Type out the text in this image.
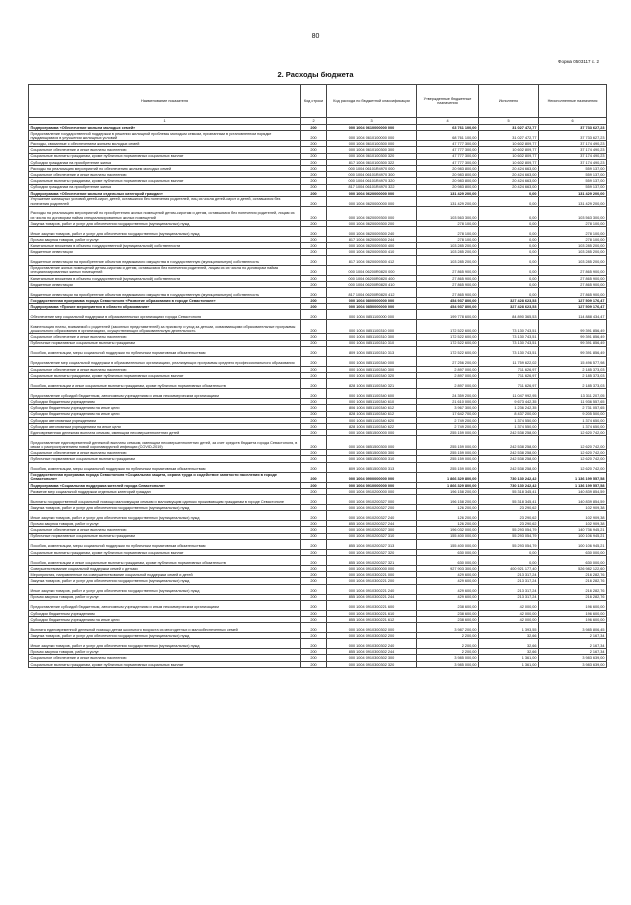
80
Форма 0503117 с. 2
2. Расходы бюджета
Наименование показателя	Код строки	Код расхода по бюджетной классификации	Утвержденные бюджетные назначения	Исполнено	Неисполненные назначения
1	2	3	4	5	6
Подпрограмма «Обеспечение жильем молодых семей»	200	000 1004 0610000000 000	63 761 100,00	31 027 472,77	37 733 627,23
Предоставление государственной поддержки в решении жилищной проблемы молодым семьям, признанным в установленном порядке нуждающимися в улучшении жилищных условий	200	000 1004 0610100000 000	68 761 100,00	31 027 472,77	37 733 627,23
Расходы, связанные с обеспечением жильем молодых семей	200	000 1004 0610100300 000	47 777 300,00	10 602 809,77	37 174 490,23
Социальное обеспечение и иные выплаты населению	200	000 1004 0610100300 300	47 777 300,00	10 602 809,77	37 174 490,23
Социальные выплаты гражданам, кроме публичных нормативных социальных выплат	200	000 1004 0610100300 320	47 777 300,00	10 602 809,77	37 174 490,23
Субсидии гражданам на приобретение жилья	200	817 1004 0610100300 322	47 777 300,00	10 602 809,77	37 174 490,23
Расходы на реализацию мероприятий по обеспечению жильем молодых семей	200	000 1004 06101R4970 000	20 983 800,00	20 424 663,00	559 137,00
Социальное обеспечение и иные выплаты населению	200	000 1004 06101R4970 300	20 983 800,00	20 424 663,00	559 137,00
Социальные выплаты гражданам, кроме публичных нормативных социальных выплат	200	000 1004 06101R4970 320	20 983 800,00	20 424 663,00	559 137,00
Субсидии гражданам на приобретение жилья	200	817 1004 06101R4970 322	20 983 800,00	20 424 663,00	559 137,00
Подпрограмма «Обеспечение жильем отдельных категорий граждан»	200	000 1004 0620000000 000	131 429 200,00	0,00	131 429 200,00
Улучшение жилищных условий детей-сирот, детей, оставшихся без попечения родителей, лиц из числа детей-сирот и детей, оставшихся без попечения родителей	200	000 1004 0620000000 000	131 429 200,00	0,00	131 429 200,00
Расходы на реализацию мероприятий по приобретению жилых помещений детям-сиротам и детям, оставшимся без попечения родителей, лицам из их числа по договорам найма специализированных жилых помещений	200	000 1004 0620009300 000	103 563 300,00	0,00	103 563 300,00
Закупка товаров, работ и услуг для обеспечения государственных (муниципальных) нужд	200	000 1004 0620009300 200	278 100,00	0,00	278 100,00
Иные закупки товаров, работ и услуг для обеспечения государственных (муниципальных) нужд	200	000 1004 0620009300 240	278 100,00	0,00	278 100,00
Прочая закупка товаров, работ и услуг	200	817 1004 0620009300 244	278 100,00	0,00	278 100,00
Капитальные вложения в объекты государственной (муниципальной) собственности	200	000 1004 0620009300 400	103 285 200,00	0,00	103 285 200,00
Бюджетные инвестиции	200	000 1004 0620009300 410	103 285 200,00	0,00	103 285 200,00
Бюджетные инвестиции на приобретение объектов недвижимого имущества в государственную (муниципальную) собственность	200	817 1004 0620009300 412	103 285 200,00	0,00	103 285 200,00
Предоставление жилых помещений детям-сиротам и детям, оставшимся без попечения родителей, лицам из их числа по договорам найма специализированных жилых помещений	200	000 1004 06200R0820 000	27 865 900,00	0,00	27 865 900,00
Капитальные вложения в объекты государственной (муниципальной) собственности	200	000 1004 06200R0820 400	27 865 900,00	0,00	27 865 900,00
Бюджетные инвестиции	200	000 1004 06200R0820 410	27 865 900,00	0,00	27 865 900,00
Бюджетные инвестиции на приобретение объектов недвижимого имущества в государственную (муниципальную) собственность	200	817 1004 06200R0820 412	27 865 900,00	0,00	27 865 900,00
Государственная программа города Севастополя «Развитие образования в городе Севастополе»	200	000 1004 0800000000 000	454 937 800,00	327 428 623,53	127 509 176,47
Подпрограмма «Прочие мероприятия в области образования»	200	000 1004 0850000000 000	454 937 800,00	327 428 623,53	127 509 176,47
Обеспечение мер социальной поддержки в образовательных организациях города Севастополя	200	000 1004 0851100000 000	199 778 600,00	84 890 365,53	114 888 434,47
Компенсация платы, взимаемой с родителей (законных представителей) за присмотр и уход за детьми, осваивающими образовательные программы дошкольного образования в организациях, осуществляющих образовательную деятельность	200	000 1004 0851100310 000	172 522 600,00	73 130 743,51	99 391 856,49
Социальное обеспечение и иные выплаты населению	200	000 1004 0851100310 300	172 522 600,00	73 130 743,51	99 391 856,49
Публичные нормативные социальные выплаты гражданам	200	000 1004 0851100310 310	172 522 600,00	73 130 743,51	99 391 856,49
Пособия, компенсации, меры социальной поддержки по публичным нормативным обязательствам	200	809 1004 0851100310 313	172 522 600,00	73 130 743,51	99 391 856,49
Предоставление мер социальной поддержки в образовательных организациях, реализующих программы среднего профессионального образования	200	000 1004 0851100340 000	27 256 200,00	11 759 622,02	15 496 577,98
Социальное обеспечение и иные выплаты населению	200	000 1004 0851100340 300	2 897 000,00	711 626,97	2 185 373,03
Социальные выплаты гражданам, кроме публичных нормативных социальных выплат	200	000 1004 0851100340 320	2 897 000,00	711 626,97	2 185 373,03
Пособия, компенсации и иные социальные выплаты гражданам, кроме публичных нормативных обязательств	200	828 1004 0851100340 321	2 897 000,00	711 626,97	2 185 373,03
Предоставление субсидий бюджетным, автономным учреждениям и иным некоммерческим организациям	200	000 1004 0851100340 600	24 359 200,00	11 047 992,95	13 311 207,05
Субсидии бюджетным учреждениям	200	000 1004 0851100340 610	21 610 000,00	9 673 442,35	11 936 557,65
Субсидии бюджетным учреждениям на иные цели	200	806 1004 0851100340 612	3 967 300,00	1 236 242,35	2 731 057,65
Субсидии бюджетным учреждениям на иные цели	200	828 1004 0851100340 612	17 642 700,00	8 437 200,00	9 205 500,00
Субсидии автономным учреждениям	200	000 1004 0851100340 620	2 749 200,00	1 374 550,00	1 374 650,00
Субсидии автономным учреждениям на иные цели	200	828 1004 0851100340 622	2 749 200,00	1 374 550,00	1 374 650,00
Единовременная денежная выплата семьям, имеющим несовершеннолетних детей	200	000 1004 0851500000 000	255 159 000,00	242 538 258,00	12 620 742,00
Предоставление единовременной денежной выплаты семьям, имеющим несовершеннолетних детей, за счет средств бюджета города Севастополя, в связи с распространением новой коронавирусной инфекции (COVID-2019)	200	000 1004 0851500300 000	255 159 000,00	242 538 258,00	12 620 742,00
Социальное обеспечение и иные выплаты населению	200	000 1004 0851500300 300	255 159 000,00	242 538 258,00	12 620 742,00
Публичные нормативные социальные выплаты гражданам	200	000 1004 0851500300 310	255 159 000,00	242 538 258,00	12 620 742,00
Пособия, компенсации, меры социальной поддержки по публичным нормативным обязательствам	200	809 1004 0851500300 313	255 159 000,00	242 538 258,00	12 620 742,00
Государственная программа города Севастополя «Социальная защита, охрана труда и содействие занятости населения в городе Севастополе»	200	000 1004 0900000000 000	1 866 329 800,00	730 130 242,42	1 136 199 557,58
Подпрограмма «Социальная поддержка жителей города Севастополя»	200	000 1004 0910000000 000	1 866 329 800,00	730 130 242,42	1 136 199 557,58
Развитие мер социальной поддержки отдельных категорий граждан	200	000 1004 0910200000 000	196 158 200,00	55 318 345,41	140 839 854,59
Выплаты государственной социальной помощи малоимущим семьям и малоимущим одиноко проживающим гражданам в городе Севастополе	200	000 1004 0910200327 000	196 158 200,00	55 318 345,41	140 839 854,59
Закупка товаров, работ и услуг для обеспечения государственных (муниципальных) нужд	200	000 1004 0910200327 200	126 200,00	23 290,62	102 909,38
Иные закупки товаров, работ и услуг для обеспечения государственных (муниципальных) нужд	200	000 1004 0910200327 240	126 200,00	23 290,62	102 909,38
Прочая закупка товаров, работ и услуг	200	855 1004 0910200327 244	126 200,00	23 290,62	102 909,38
Социальное обеспечение и иные выплаты населению	200	000 1004 0910200327 300	196 032 000,00	55 293 054,79	140 736 945,21
Публичные нормативные социальные выплаты гражданам	200	000 1004 0910200327 310	155 400 000,00	55 293 054,79	100 106 945,21
Пособия, компенсации, меры социальной поддержки по публичным нормативным обязательствам	200	855 1004 0910200327 313	155 400 000,00	55 293 054,79	100 106 945,21
Социальные выплаты гражданам, кроме публичных нормативных социальных выплат	200	000 1004 0910200327 320	630 000,00	0,00	630 000,00
Пособия, компенсации и иные социальные выплаты гражданам, кроме публичных нормативных обязательств	200	855 1004 0910200327 321	630 000,00	0,00	630 000,00
Совершенствование социальной поддержки семей с детьми	200	000 1004 0910300000 000	927 903 300,00	400 921 177,40	526 982 122,60
Мероприятия, направленные на совершенствование социальной поддержки семей и детей	200	000 1004 0910300221 000	429 600,00	213 317,24	216 282,76
Закупка товаров, работ и услуг для обеспечения государственных (муниципальных) нужд	200	000 1004 0910300221 200	429 600,00	213 317,24	216 282,76
Иные закупки товаров, работ и услуг для обеспечения государственных (муниципальных) нужд	200	000 1004 0910300221 240	429 600,00	213 317,24	216 282,76
Прочая закупка товаров, работ и услуг	200	855 1004 0910300221 244	429 600,00	213 317,24	216 282,76
Предоставление субсидий бюджетным, автономным учреждениям и иным некоммерческим организациям	200	000 1004 0910300221 600	238 600,00	42 000,00	196 600,00
Субсидии бюджетным учреждениям	200	000 1004 0910300221 610	238 600,00	42 000,00	196 600,00
Субсидии бюджетным учреждениям на иные цели	200	855 1004 0910300221 612	238 600,00	42 000,00	196 600,00
Выплата единовременной денежной помощи детям школьного возраста из многодетных и малообеспеченных семей	200	000 1004 0910300302 000	3 987 200,00	1 393,55	3 985 806,45
Закупка товаров, работ и услуг для обеспечения государственных (муниципальных) нужд	200	000 1004 0910300302 200	2 200,00	32,66	2 167,34
Иные закупки товаров, работ и услуг для обеспечения государственных (муниципальных) нужд	200	000 1004 0910300302 240	2 200,00	32,66	2 167,34
Прочая закупка товаров, работ и услуг	200	855 1004 0910300302 244	2 200,00	32,66	2 167,34
Социальное обеспечение и иные выплаты населению	200	000 1004 0910300302 300	3 985 000,00	1 361,00	3 983 639,00
Социальные выплаты гражданам, кроме публичных нормативных социальных выплат	200	000 1004 0910300302 320	3 985 000,00	1 361,00	3 983 639,00
